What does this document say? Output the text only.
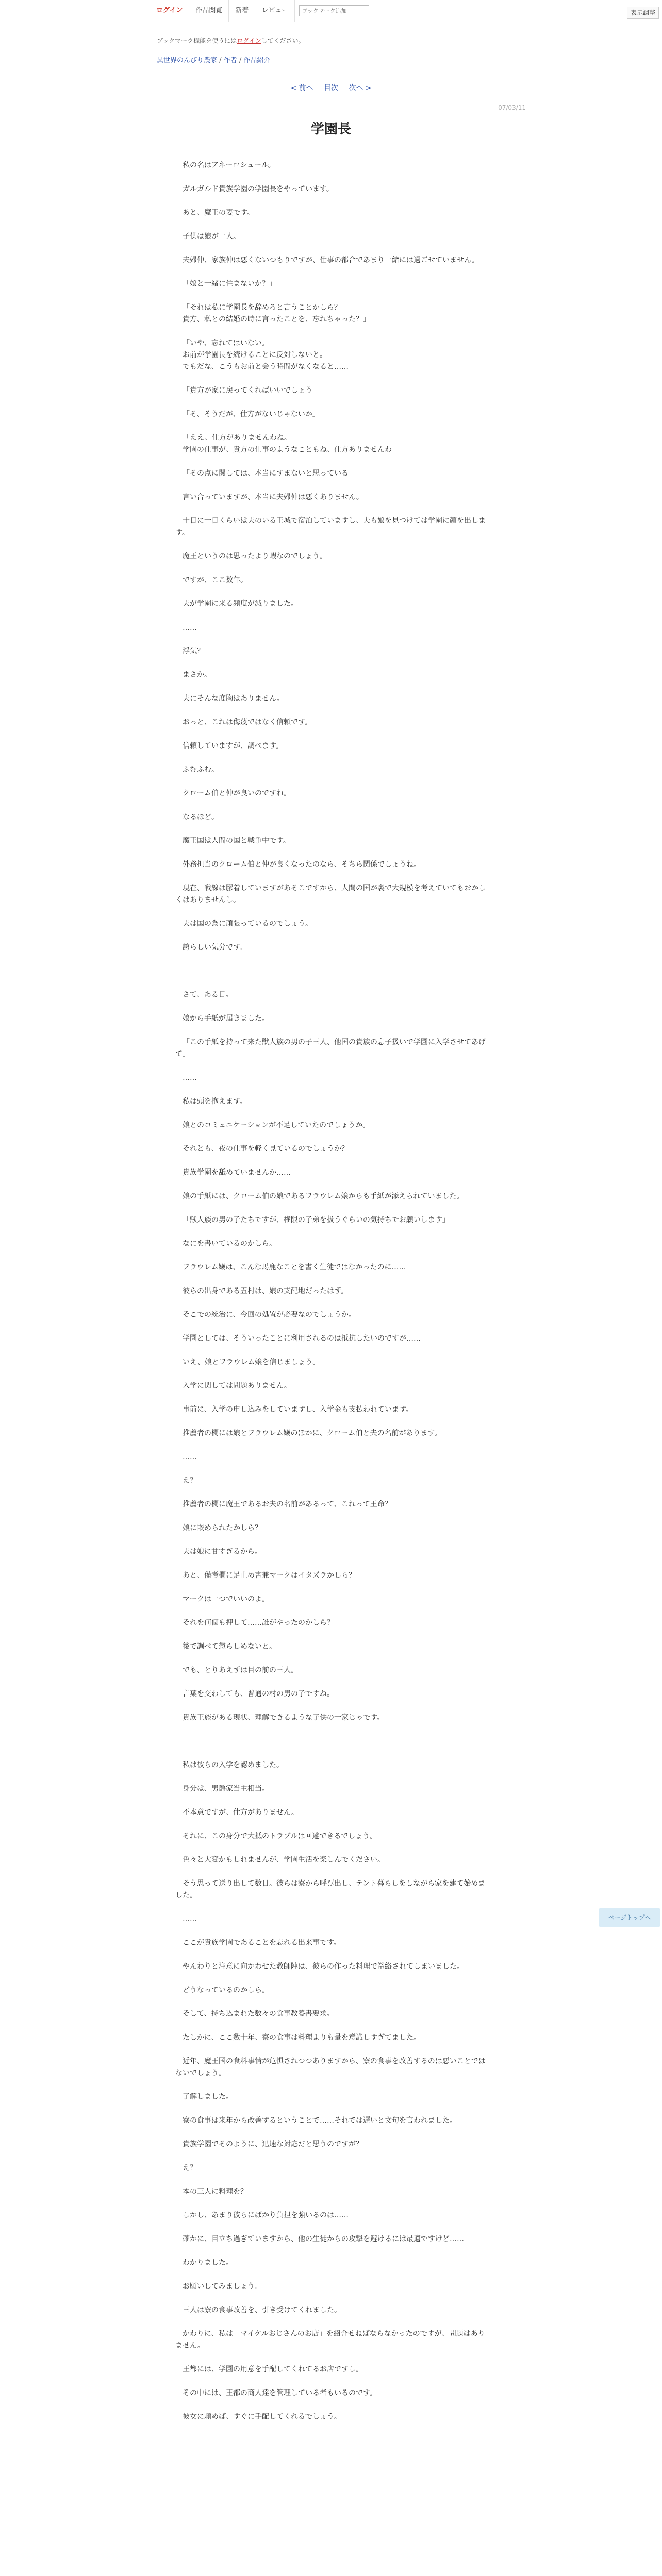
ログイン	作品閲覧	新着	レビュー
ブックマーク追加	表示調整
ブックマーク機能を使うにはログインしてください。
異世界のんびり農家 / 作者 / 作品紹介
< 前へ 目次 次へ >
07/03/11
学園長

私の名はアネーロシュール。

ガルガルド貴族学園の学園長をやっています。

あと、魔王の妻です。

子供は娘が一人。

夫婦仲、家族仲は悪くないつもりですが、仕事の都合であまり一緒には過ごせていません。

「娘と一緒に住まないか？」

「それは私に学園長を辞めろと言うことかしら？
　貴方、私との結婚の時に言ったことを、忘れちゃった？」

「いや、忘れてはいない。
　お前が学園長を続けることに反対しないと。
　でもだな、こうもお前と会う時間がなくなると……」

「貴方が家に戻ってくればいいでしょう」

「そ、そうだが、仕方がないじゃないか」

「ええ、仕方がありませんわね。
　学園の仕事が、貴方の仕事のようなこともね、仕方ありませんわ」

「その点に関しては、本当にすまないと思っている」

言い合っていますが、本当に夫婦仲は悪くありません。

十日に一日くらいは夫のいる王城で宿泊していますし、夫も娘を見つけては学園に顔を出します。

魔王というのは思ったより暇なのでしょう。

ですが、ここ数年。

夫が学園に来る頻度が減りました。

……

浮気？

まさか。

夫にそんな度胸はありません。

おっと、これは侮蔑ではなく信頼です。

信頼していますが、調べます。

ふむふむ。

クローム伯と仲が良いのですね。

なるほど。

魔王国は人間の国と戦争中です。

外務担当のクローム伯と仲が良くなったのなら、そちら関係でしょうね。

現在、戦線は膠着していますがあそこですから、人間の国が裏で大規模を考えていてもおかしくはありませんし。

夫は国の為に頑張っているのでしょう。

誇らしい気分です。

さて、ある日。

娘から手紙が届きました。

「この手紙を持って来た獣人族の男の子三人、他国の貴族の息子扱いで学園に入学させてあげて」

……

私は頭を抱えます。

娘とのコミュニケーションが不足していたのでしょうか。

それとも、夜の仕事を軽く見ているのでしょうか？

貴族学園を舐めていませんか……

娘の手紙には、クローム伯の娘であるフラウレム嬢からも手紙が添えられていました。

「獣人族の男の子たちですが、権限の子弟を扱うぐらいの気持ちでお願いします」

なにを書いているのかしら。

フラウレム嬢は、こんな馬鹿なことを書く生徒ではなかったのに……

彼らの出身である五村は、娘の支配地だったはず。

そこでの統治に、今回の処置が必要なのでしょうか。

学園としては、そういったことに利用されるのは抵抗したいのですが……

いえ、娘とフラウレム嬢を信じましょう。

入学に関しては問題ありません。

事前に、入学の申し込みをしていますし、入学金も支払われています。

推薦者の欄には娘とフラウレム嬢のほかに、クローム伯と夫の名前があります。

……

え？

推薦者の欄に魔王であるお夫の名前があるって、これって王命？

娘に嵌められたかしら？

夫は娘に甘すぎるから。

あと、備考欄に足止め書兼マークはイタズラかしら？

マークは一つでいいのよ。

それを何個も押して……誰がやったのかしら？

後で調べて懲らしめないと。

でも、とりあえずは目の前の三人。

言葉を交わしても、普通の村の男の子ですね。

貴族王族がある現状、理解できるような子供の一家じゃです。

私は彼らの入学を認めました。

身分は、男爵家当主相当。

不本意ですが、仕方がありません。

それに、この身分で大抵のトラブルは回避できるでしょう。

色々と大変かもしれませんが、学園生活を楽しんでください。

そう思って送り出して数日。彼らは寮から呼び出し、テント暮らしをしながら家を建て始めました。

……

ここが貴族学園であることを忘れる出来事です。

やんわりと注意に向かわせた教師陣は、彼らの作った料理で篭絡されてしまいました。

どうなっているのかしら。

そして、持ち込まれた数々の食事教養書要求。

たしかに、ここ数十年、寮の食事は料理よりも量を意識しすぎてました。

近年、魔王国の食料事情が危惧されつつありますから、寮の食事を改善するのは悪いことではないでしょう。

了解しました。

寮の食事は来年から改善するということで……それでは遅いと文句を言われました。

貴族学園でそのように、迅速な対応だと思うのですが？

え？

本の三人に料理を？

しかし、あまり彼らにばかり負担を強いるのは……

確かに、目立ち過ぎていますから、他の生徒からの攻撃を避けるには最適ですけど……

わかりました。

お願いしてみましょう。

三人は寮の食事改善を、引き受けてくれました。

かわりに、私は「マイケルおじさんのお店」を紹介せねばならなかったのですが、問題はありません。

王都には、学園の用意を手配してくれてるお店ですし。

その中には、王都の商人達を管理している者もいるのです。

彼女に頼めば、すぐに手配してくれるでしょう。

ページトップへ
